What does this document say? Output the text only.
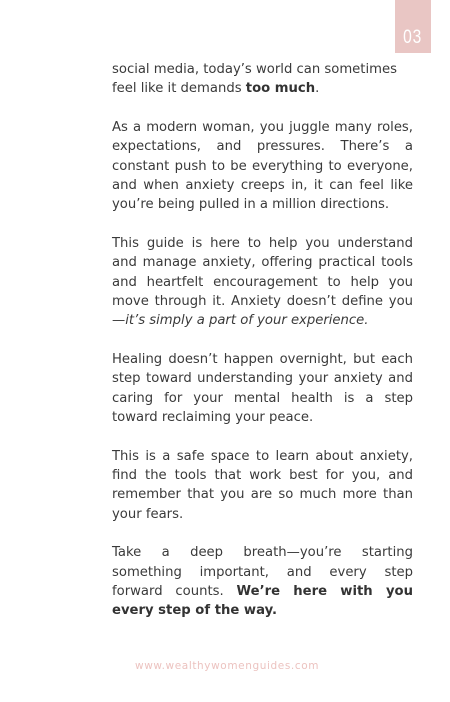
03

social media, today’s world can sometimes feel like it demands too much.

As a modern woman, you juggle many roles, expectations, and pressures. There’s a constant push to be everything to everyone, and when anxiety creeps in, it can feel like you’re being pulled in a million directions.

This guide is here to help you understand and manage anxiety, offering practical tools and heartfelt encouragement to help you move through it. Anxiety doesn’t define you—it’s simply a part of your experience.

Healing doesn’t happen overnight, but each step toward understanding your anxiety and caring for your mental health is a step toward reclaiming your peace.

This is a safe space to learn about anxiety, find the tools that work best for you, and remember that you are so much more than your fears.

Take a deep breath—you’re starting something important, and every step forward counts. We’re here with you every step of the way.

www.wealthywomenguides.com
